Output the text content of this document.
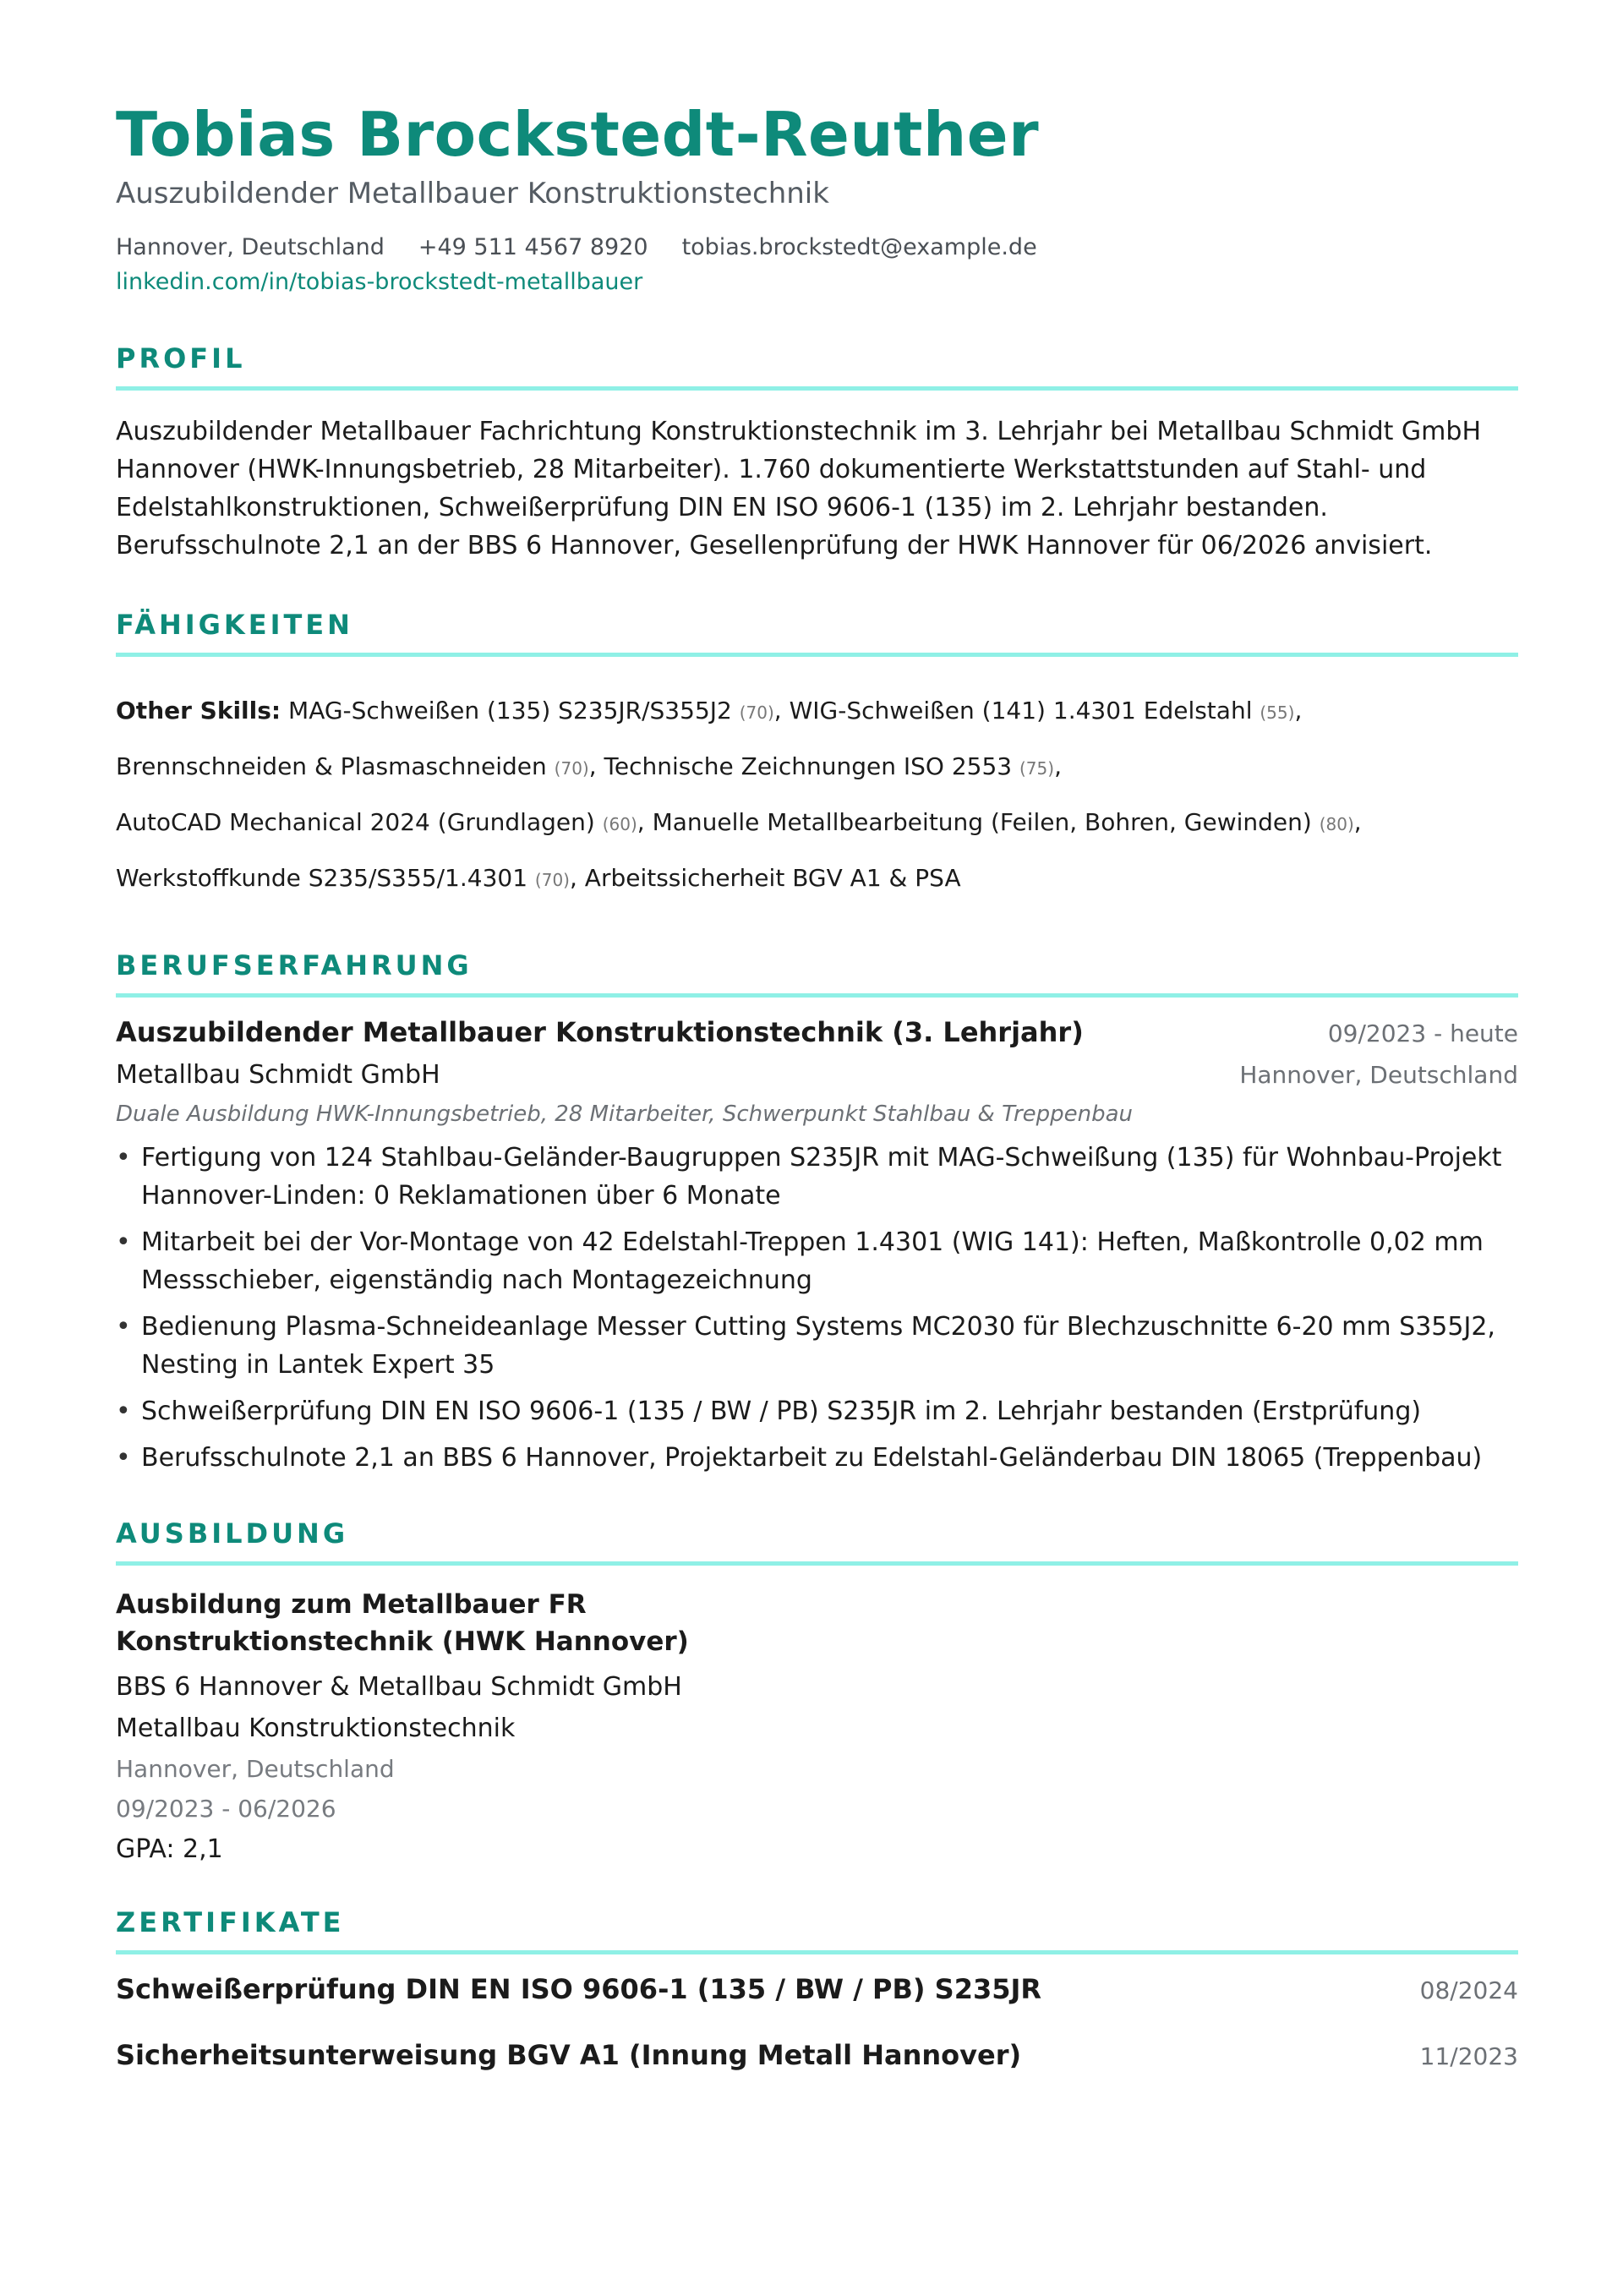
Tobias Brockstedt-Reuther
Auszubildender Metallbauer Konstruktionstechnik
Hannover, Deutschland +49 511 4567 8920 tobias.brockstedt@example.de
linkedin.com/in/tobias-brockstedt-metallbauer
PROFIL
Auszubildender Metallbauer Fachrichtung Konstruktionstechnik im 3. Lehrjahr bei Metallbau Schmidt GmbH Hannover (HWK-Innungsbetrieb, 28 Mitarbeiter). 1.760 dokumentierte Werkstattstunden auf Stahl- und Edelstahlkonstruktionen, Schweißerprüfung DIN EN ISO 9606-1 (135) im 2. Lehrjahr bestanden. Berufsschulnote 2,1 an der BBS 6 Hannover, Gesellenprüfung der HWK Hannover für 06/2026 anvisiert.
FÄHIGKEITEN
Other Skills: MAG-Schweißen (135) S235JR/S355J2 (70), WIG-Schweißen (141) 1.4301 Edelstahl (55),
Brennschneiden & Plasmaschneiden (70), Technische Zeichnungen ISO 2553 (75),
AutoCAD Mechanical 2024 (Grundlagen) (60), Manuelle Metallbearbeitung (Feilen, Bohren, Gewinden) (80),
Werkstoffkunde S235/S355/1.4301 (70), Arbeitssicherheit BGV A1 & PSA
BERUFSERFAHRUNG
Auszubildender Metallbauer Konstruktionstechnik (3. Lehrjahr)	09/2023 - heute
Metallbau Schmidt GmbH	Hannover, Deutschland
Duale Ausbildung HWK-Innungsbetrieb, 28 Mitarbeiter, Schwerpunkt Stahlbau & Treppenbau
• Fertigung von 124 Stahlbau-Geländer-Baugruppen S235JR mit MAG-Schweißung (135) für Wohnbau-Projekt Hannover-Linden: 0 Reklamationen über 6 Monate
• Mitarbeit bei der Vor-Montage von 42 Edelstahl-Treppen 1.4301 (WIG 141): Heften, Maßkontrolle 0,02 mm Messschieber, eigenständig nach Montagezeichnung
• Bedienung Plasma-Schneideanlage Messer Cutting Systems MC2030 für Blechzuschnitte 6-20 mm S355J2, Nesting in Lantek Expert 35
• Schweißerprüfung DIN EN ISO 9606-1 (135 / BW / PB) S235JR im 2. Lehrjahr bestanden (Erstprüfung)
• Berufsschulnote 2,1 an BBS 6 Hannover, Projektarbeit zu Edelstahl-Geländerbau DIN 18065 (Treppenbau)
AUSBILDUNG
Ausbildung zum Metallbauer FR Konstruktionstechnik (HWK Hannover)
BBS 6 Hannover & Metallbau Schmidt GmbH
Metallbau Konstruktionstechnik
Hannover, Deutschland
09/2023 - 06/2026
GPA: 2,1
ZERTIFIKATE
Schweißerprüfung DIN EN ISO 9606-1 (135 / BW / PB) S235JR	08/2024
Sicherheitsunterweisung BGV A1 (Innung Metall Hannover)	11/2023
